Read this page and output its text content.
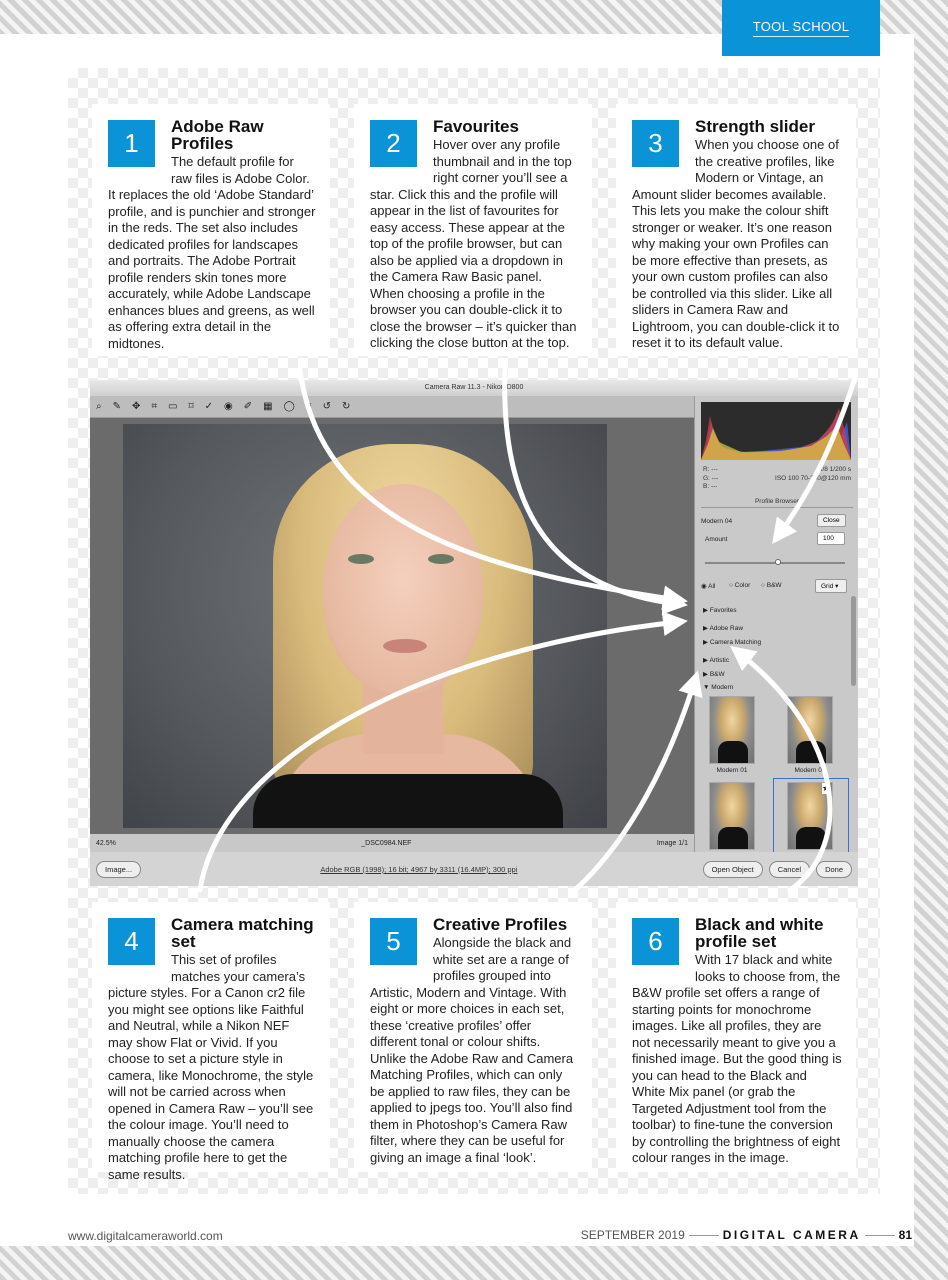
TOOL SCHOOL
1
Adobe Raw Profiles

The default profile for raw files is Adobe Color. It replaces the old ‘Adobe Standard’ profile, and is punchier and stronger in the reds. The set also includes dedicated profiles for landscapes and portraits. The Adobe Portrait profile renders skin tones more accurately, while Adobe Landscape enhances blues and greens, as well as offering extra detail in the midtones.

2
Favourites

Hover over any profile thumbnail and in the top right corner you’ll see a star. Click this and the profile will appear in the list of favourites for easy access. These appear at the top of the profile browser, but can also be applied via a dropdown in the Camera Raw Basic panel. When choosing a profile in the browser you can double-click it to close the browser – it’s quicker than clicking the close button at the top.

3
Strength slider

When you choose one of the creative profiles, like Modern or Vintage, an Amount slider becomes available. This lets you make the colour shift stronger or weaker. It’s one reason why making your own Profiles can be more effective than presets, as your own custom profiles can also be controlled via this slider. Like all sliders in Camera Raw and Lightroom, you can double-click it to reset it to its default value.

Camera Raw 11.3 - Nikon D800
⌕ ✎ ✥ ⌗ ▭ ⌑ ✓ ◉ ✐ ▦ ◯ ≡ ↺ ↻
42.5%	_DSC0984.NEF	Image 1/1
R: ---
G: ---
B: ---
f/8 1/200 s
ISO 100 70-200@120 mm
Profile Browser
Modern 04	Close
Amount	100
◉ All ○ Color ○ B&W	Grid ▾
▶ Favorites
▶ Adobe Raw
▶ Camera Matching
▶ Artistic
▶ B&W
▼ Modern
Modern 01	Modern 02
★
Image...	Adobe RGB (1998); 16 bit; 4967 by 3311 (16.4MP); 300 ppi	Open Object	Cancel	Done
4
Camera matching set

This set of profiles matches your camera’s picture styles. For a Canon cr2 file you might see options like Faithful and Neutral, while a Nikon NEF may show Flat or Vivid. If you choose to set a picture style in camera, like Monochrome, the style will not be carried across when opened in Camera Raw – you’ll see the colour image. You’ll need to manually choose the camera matching profile here to get the same results.

5
Creative Profiles

Alongside the black and white set are a range of profiles grouped into Artistic, Modern and Vintage. With eight or more choices in each set, these ‘creative profiles’ offer different tonal or colour shifts. Unlike the Adobe Raw and Camera Matching Profiles, which can only be applied to raw files, they can be applied to jpegs too. You’ll also find them in Photoshop’s Camera Raw filter, where they can be useful for giving an image a final ‘look’.

6
Black and white profile set

With 17 black and white looks to choose from, the B&W profile set offers a range of starting points for monochrome images. Like all profiles, they are not necessarily meant to give you a finished image. But the good thing is you can head to the Black and White Mix panel (or grab the Targeted Adjustment tool from the toolbar) to fine-tune the conversion by controlling the brightness of eight colour ranges in the image.

www.digitalcameraworld.com	SEPTEMBER 2019	DIGITAL CAMERA	81
